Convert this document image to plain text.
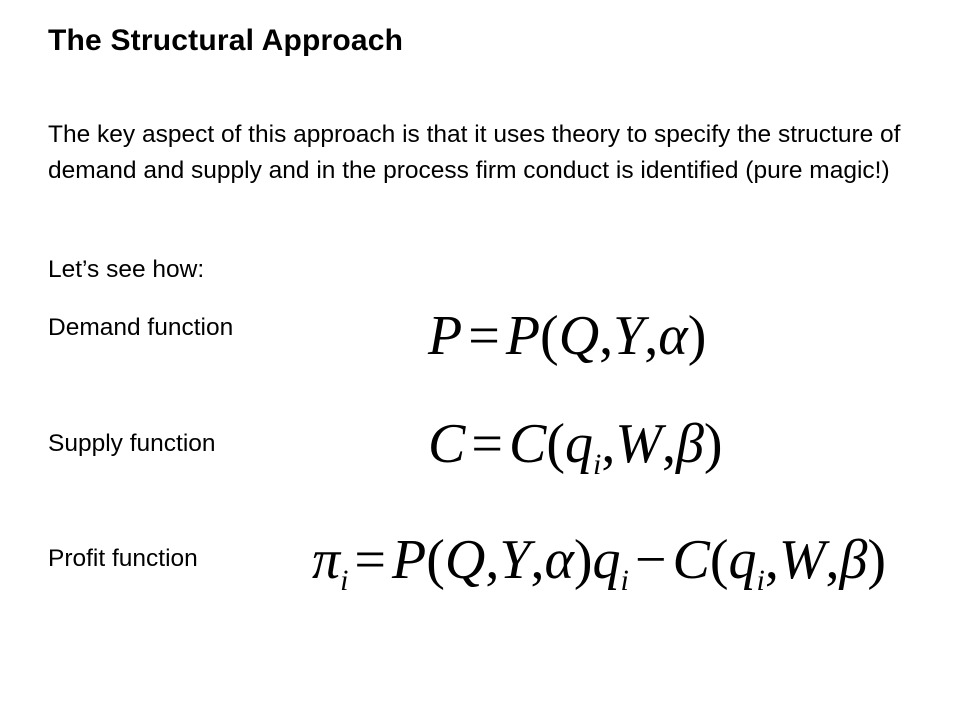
The Structural Approach
The key aspect of this approach is that it uses theory to specify the structure of demand and supply and in the process firm conduct is identified (pure magic!)
Let’s see how:
Demand function	P = P(Q,Y,α)
Supply function	$C = C(q_i,W,\beta)$
Profit function $\pi_i = P(Q,Y,\alpha)q_i - C(q_i,W,\beta)$
